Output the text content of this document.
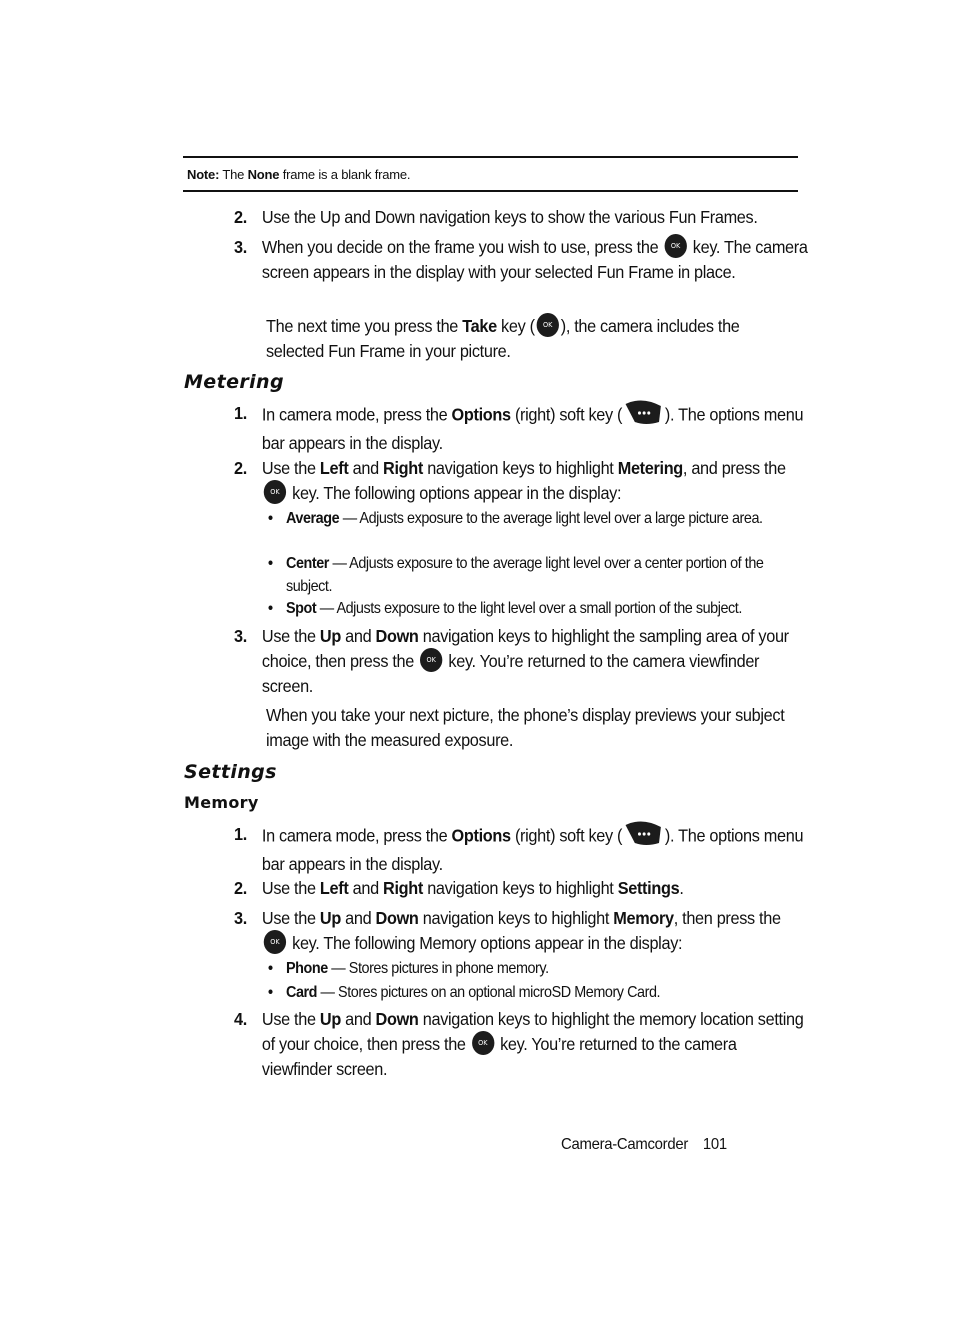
Note: The None frame is a blank frame.
2. Use the Up and Down navigation keys to show the various Fun Frames.
3. When you decide on the frame you wish to use, press the OK key. The camera screen appears in the display with your selected Fun Frame in place.
The next time you press the Take key ( OK ), the camera includes the selected Fun Frame in your picture.
Metering
1. In camera mode, press the Options (right) soft key ( ). The options menu bar appears in the display.
2. Use the Left and Right navigation keys to highlight Metering, and press the OK key. The following options appear in the display:
• Average — Adjusts exposure to the average light level over a large picture area.
• Center — Adjusts exposure to the average light level over a center portion of the subject.
• Spot — Adjusts exposure to the light level over a small portion of the subject.
3. Use the Up and Down navigation keys to highlight the sampling area of your choice, then press the OK key. You’re returned to the camera viewfinder screen.
When you take your next picture, the phone’s display previews your subject image with the measured exposure.
Settings
Memory
1. In camera mode, press the Options (right) soft key ( ). The options menu bar appears in the display.
2. Use the Left and Right navigation keys to highlight Settings.
3. Use the Up and Down navigation keys to highlight Memory, then press the OK key. The following Memory options appear in the display:
• Phone — Stores pictures in phone memory.
• Card — Stores pictures on an optional microSD Memory Card.
4. Use the Up and Down navigation keys to highlight the memory location setting of your choice, then press the OK key. You’re returned to the camera viewfinder screen.
Camera-Camcorder 101
